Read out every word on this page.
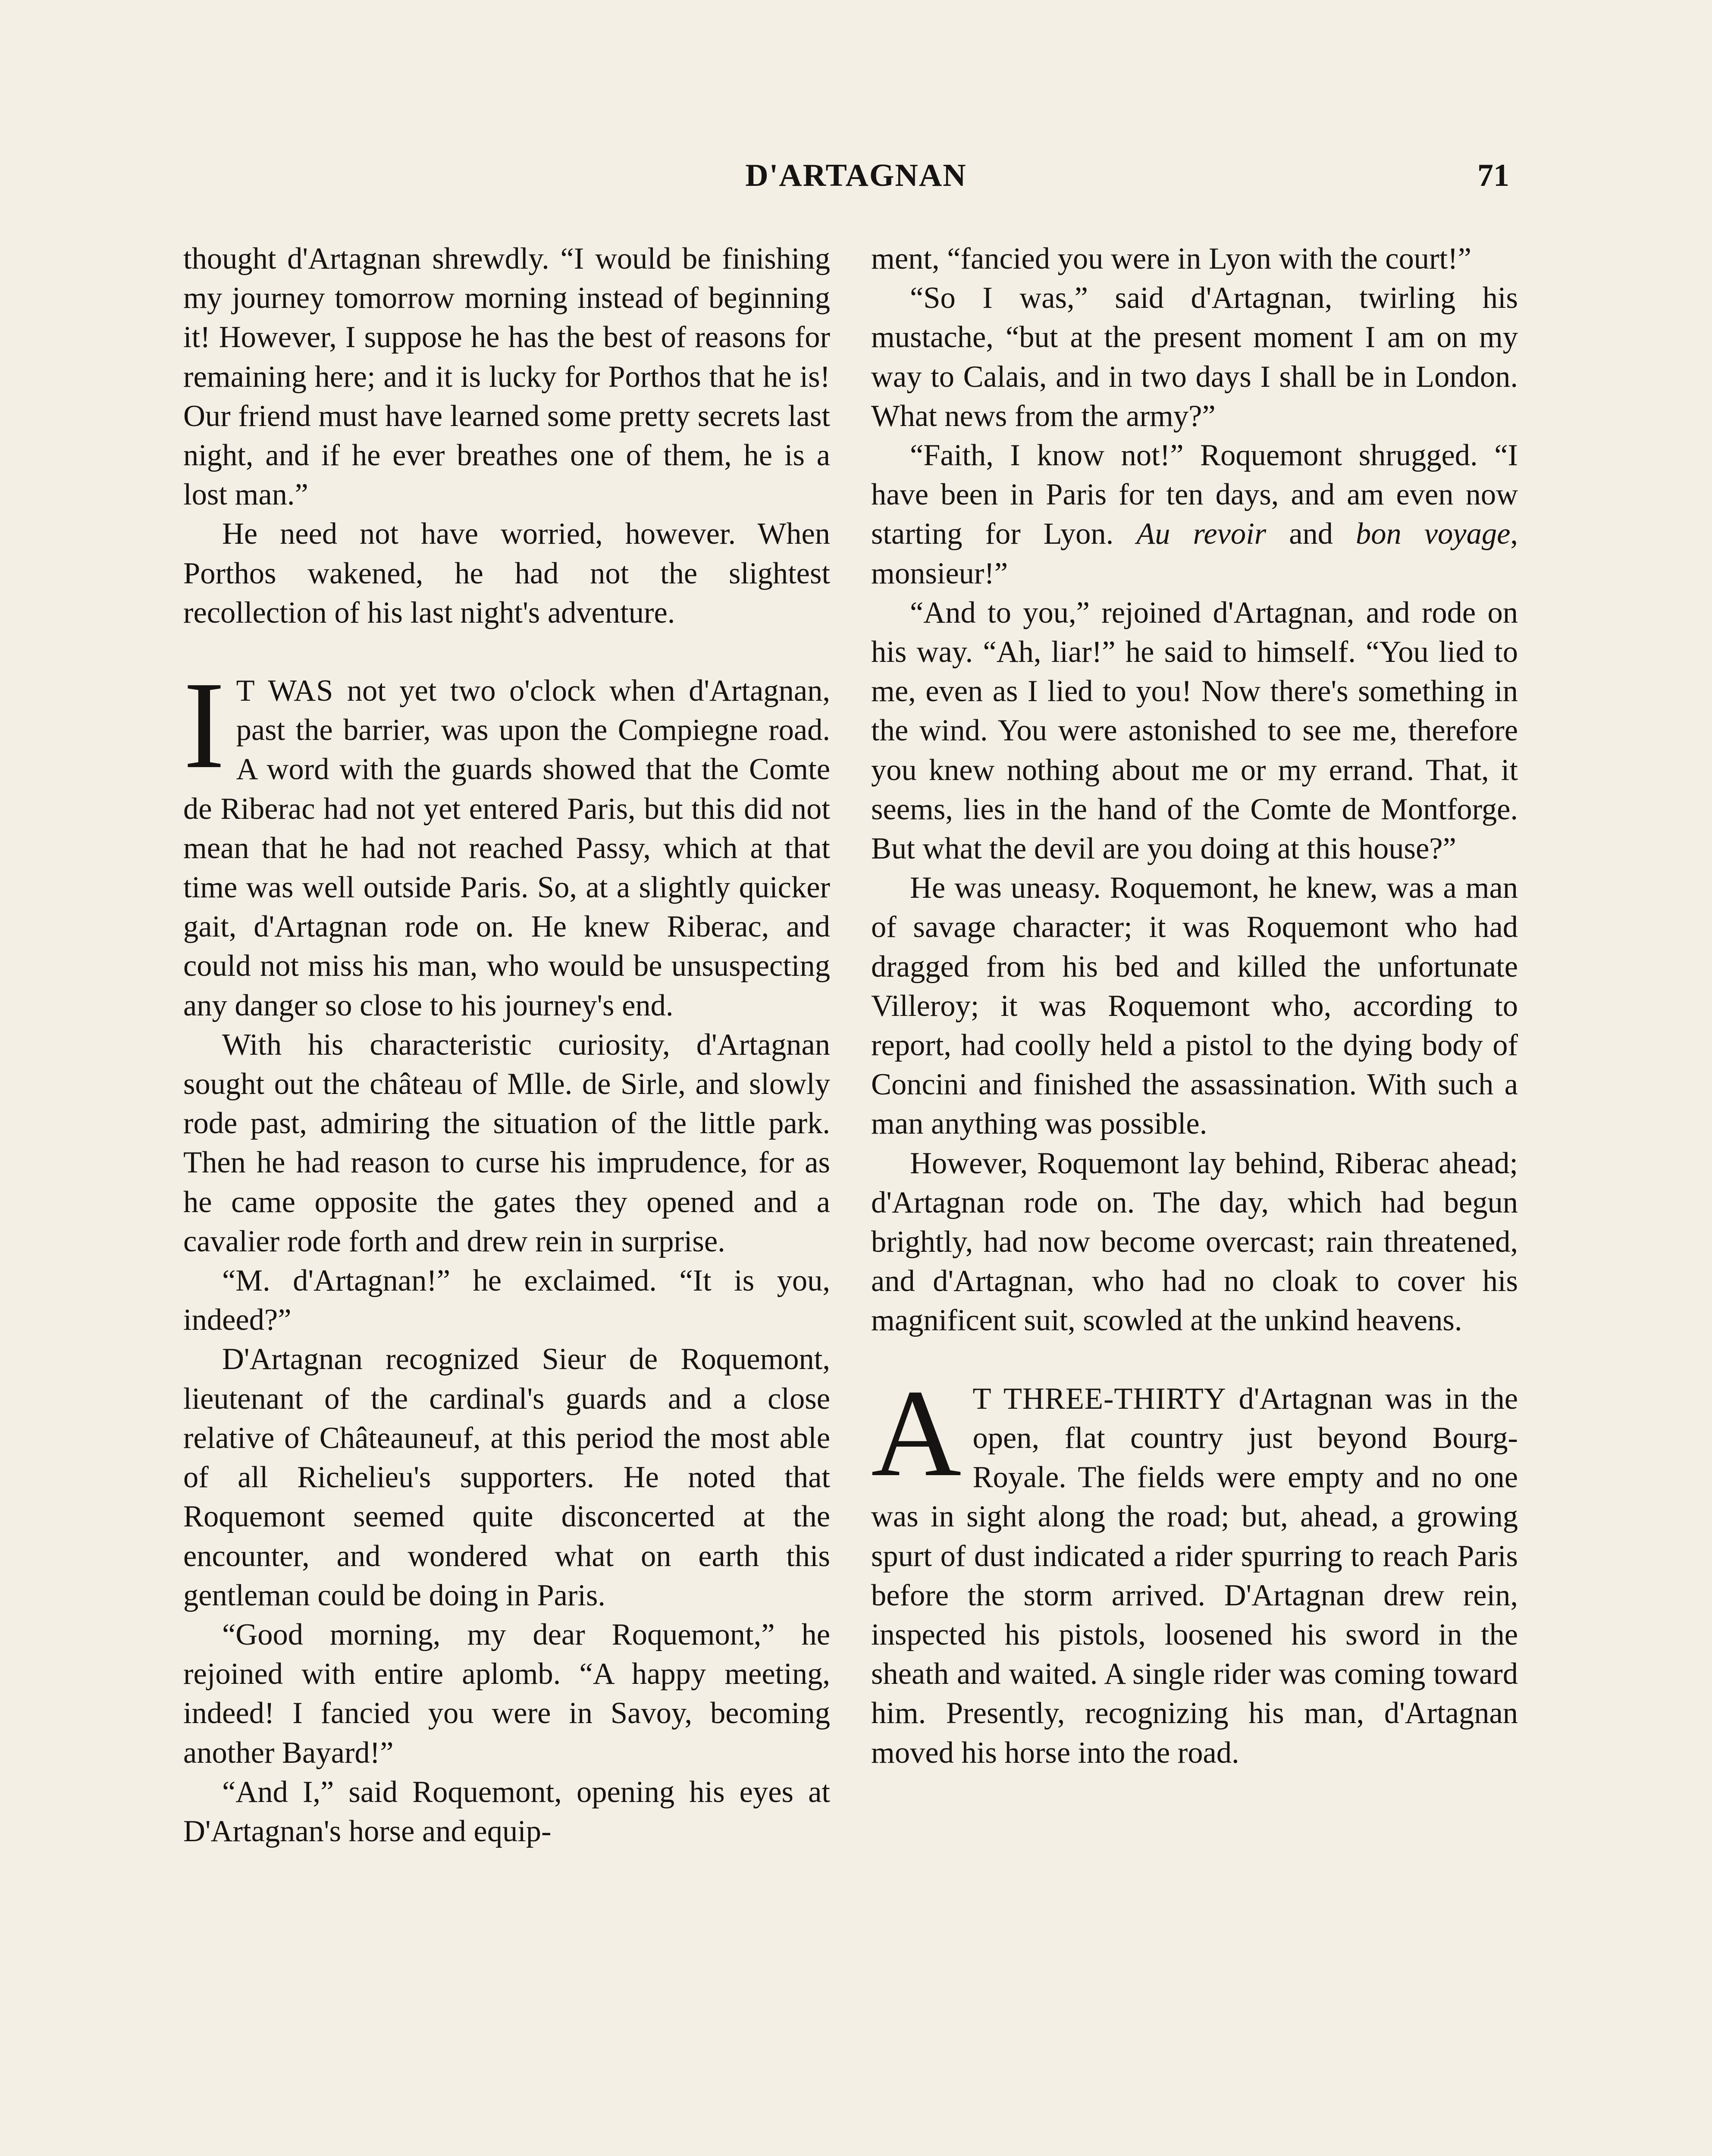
D'ARTAGNAN	71

thought d'Artagnan shrewdly. “I would be finishing my journey tomorrow morning instead of beginning it! However, I suppose he has the best of reasons for remaining here; and it is lucky for Porthos that he is! Our friend must have learned some pretty secrets last night, and if he ever breathes one of them, he is a lost man.”

He need not have worried, however. When Porthos wakened, he had not the slightest recollection of his last night's adventure.

I T WAS not yet two o'clock when d'Artagnan, past the barrier, was upon the Compiegne road. A word with the guards showed that the Comte de Riberac had not yet entered Paris, but this did not mean that he had not reached Passy, which at that time was well outside Paris. So, at a slightly quicker gait, d'Artagnan rode on. He knew Riberac, and could not miss his man, who would be unsuspecting any danger so close to his journey's end.

With his characteristic curiosity, d'Artagnan sought out the château of Mlle. de Sirle, and slowly rode past, admiring the situation of the little park. Then he had reason to curse his imprudence, for as he came opposite the gates they opened and a cavalier rode forth and drew rein in surprise.

“M. d'Artagnan!” he exclaimed. “It is you, indeed?”

D'Artagnan recognized Sieur de Roquemont, lieutenant of the cardinal's guards and a close relative of Châteauneuf, at this period the most able of all Richelieu's supporters. He noted that Roquemont seemed quite disconcerted at the encounter, and wondered what on earth this gentleman could be doing in Paris.

“Good morning, my dear Roquemont,” he rejoined with entire aplomb. “A happy meeting, indeed! I fancied you were in Savoy, becoming another Bayard!”

“And I,” said Roquemont, opening his eyes at D'Artagnan's horse and equip-

ment, “fancied you were in Lyon with the court!”

“So I was,” said d'Artagnan, twirling his mustache, “but at the present moment I am on my way to Calais, and in two days I shall be in London. What news from the army?”

“Faith, I know not!” Roquemont shrugged. “I have been in Paris for ten days, and am even now starting for Lyon. Au revoir and bon voyage, monsieur!”

“And to you,” rejoined d'Artagnan, and rode on his way. “Ah, liar!” he said to himself. “You lied to me, even as I lied to you! Now there's something in the wind. You were astonished to see me, therefore you knew nothing about me or my errand. That, it seems, lies in the hand of the Comte de Montforge. But what the devil are you doing at this house?”

He was uneasy. Roquemont, he knew, was a man of savage character; it was Roquemont who had dragged from his bed and killed the unfortunate Villeroy; it was Roquemont who, according to report, had coolly held a pistol to the dying body of Concini and finished the assassination. With such a man anything was possible.

However, Roquemont lay behind, Riberac ahead; d'Artagnan rode on. The day, which had begun brightly, had now become overcast; rain threatened, and d'Artagnan, who had no cloak to cover his magnificent suit, scowled at the unkind heavens.

A T THREE-THIRTY d'Artagnan was in the open, flat country just beyond Bourg-Royale. The fields were empty and no one was in sight along the road; but, ahead, a growing spurt of dust indicated a rider spurring to reach Paris before the storm arrived. D'Artagnan drew rein, inspected his pistols, loosened his sword in the sheath and waited. A single rider was coming toward him. Presently, recognizing his man, d'Artagnan moved his horse into the road.
